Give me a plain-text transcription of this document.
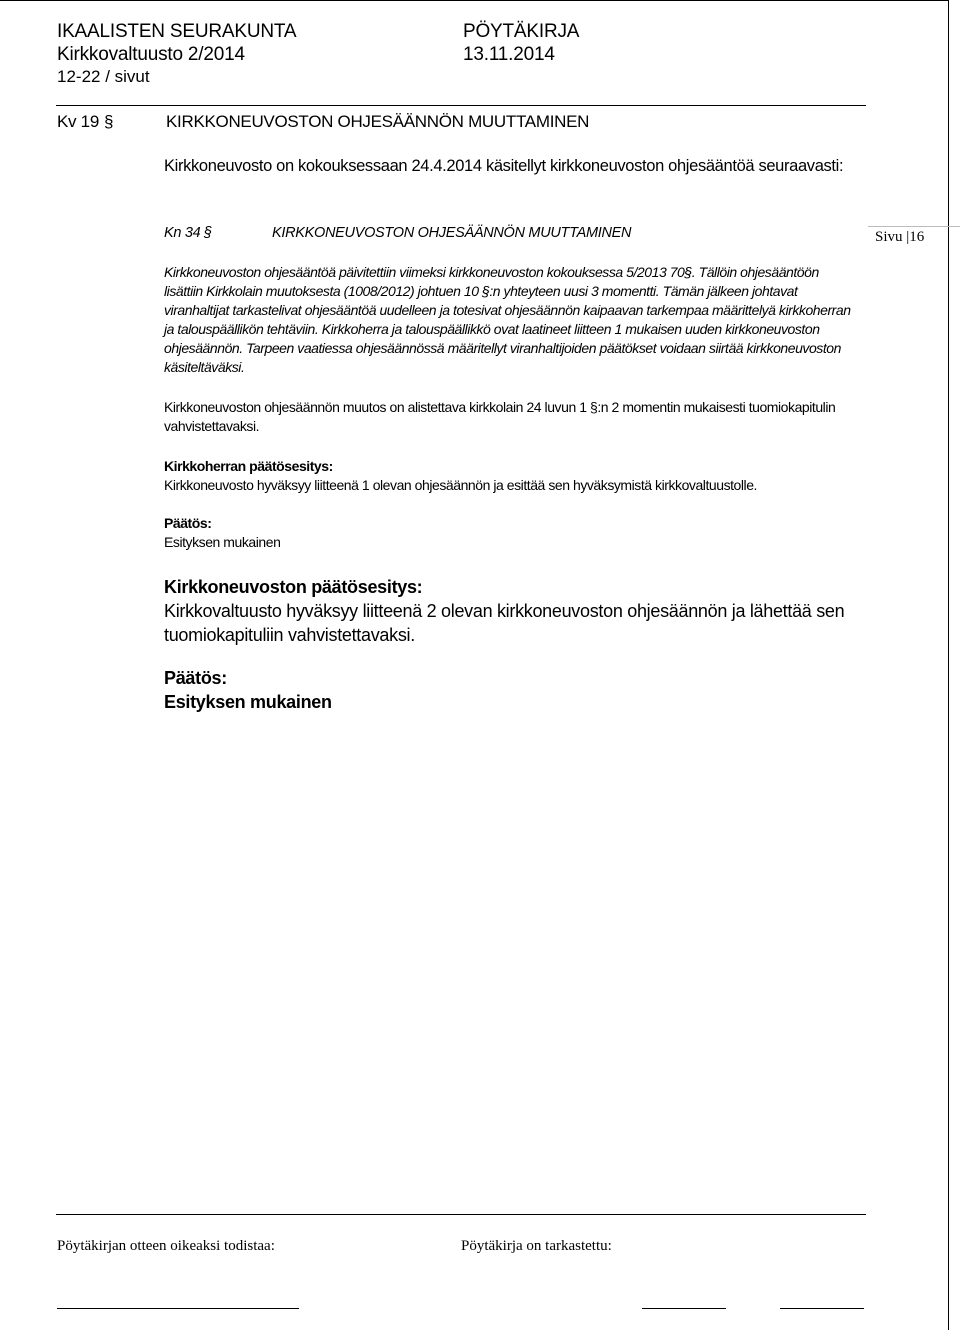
IKAALISTEN SEURAKUNTA	PÖYTÄKIRJA
Kirkkovaltuusto 2/2014	13.11.2014
12-22 / sivut
Kv 19 §	KIRKKONEUVOSTON OHJESÄÄNNÖN MUUTTAMINEN
Kirkkoneuvosto on kokouksessaan 24.4.2014 käsitellyt kirkkoneuvoston ohjesääntöä seuraavasti:
Kn 34 §	KIRKKONEUVOSTON OHJESÄÄNNÖN MUUTTAMINEN	Sivu |16
Kirkkoneuvoston ohjesääntöä päivitettiin viimeksi kirkkoneuvoston kokouksessa 5/2013 70§. Tällöin ohjesääntöön lisättiin Kirkkolain muutoksesta (1008/2012) johtuen 10 §:n yhteyteen uusi 3 momentti. Tämän jälkeen johtavat viranhaltijat tarkastelivat ohjesääntöä uudelleen ja totesivat ohjesäännön kaipaavan tarkempaa määrittelyä kirkkoherran ja talouspäällikön tehtäviin. Kirkkoherra ja talouspäällikkö ovat laatineet liitteen 1 mukaisen uuden kirkkoneuvoston ohjesäännön. Tarpeen vaatiessa ohjesäännössä määritellyt viranhaltijoiden päätökset voidaan siirtää kirkkoneuvoston käsiteltäväksi.
Kirkkoneuvoston ohjesäännön muutos on alistettava kirkkolain 24 luvun 1 §:n 2 momentin mukaisesti tuomiokapitulin vahvistettavaksi.
Kirkkoherran päätösesitys:
Kirkkoneuvosto hyväksyy liitteenä 1 olevan ohjesäännön ja esittää sen hyväksymistä kirkkovaltuustolle.
Päätös:
Esityksen mukainen
Kirkkoneuvoston päätösesitys:
Kirkkovaltuusto hyväksyy liitteenä 2 olevan kirkkoneuvoston ohjesäännön ja lähettää sen tuomiokapituliin vahvistettavaksi.
Päätös:
Esityksen mukainen
Pöytäkirjan otteen oikeaksi todistaa:	Pöytäkirja on tarkastettu:
